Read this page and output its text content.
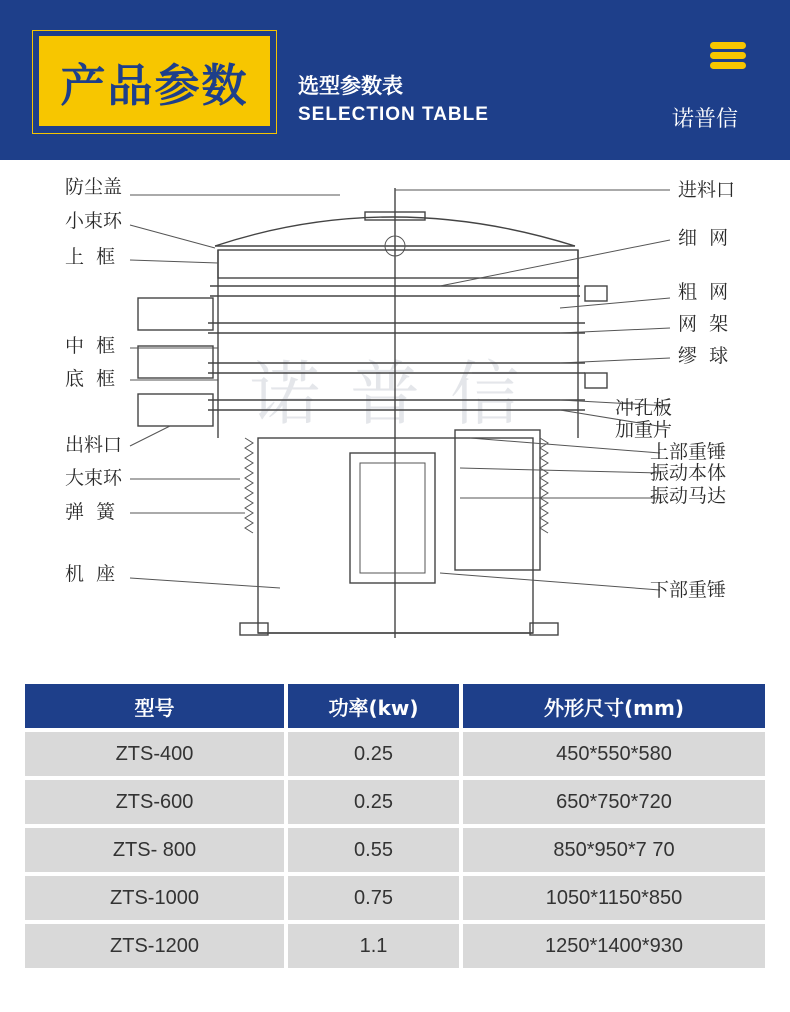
产品参数 选型参数表
SELECTION TABLE	诺普信
诺普信
防尘盖
小束环
上  框
中  框
底  框
出料口
大束环
弹  簧
机  座
进料口
细  网
粗  网
网  架
缪  球
冲孔板
加重片
上部重锤
振动本体
振动马达
下部重锤
型号	功率(kw)	外形尺寸(mm)
ZTS-400	0.25	450*550*580
ZTS-600	0.25	650*750*720
ZTS- 800	0.55	850*950*7 70
ZTS-1000	0.75	1050*1150*850
ZTS-1200	1.1	1250*1400*930
